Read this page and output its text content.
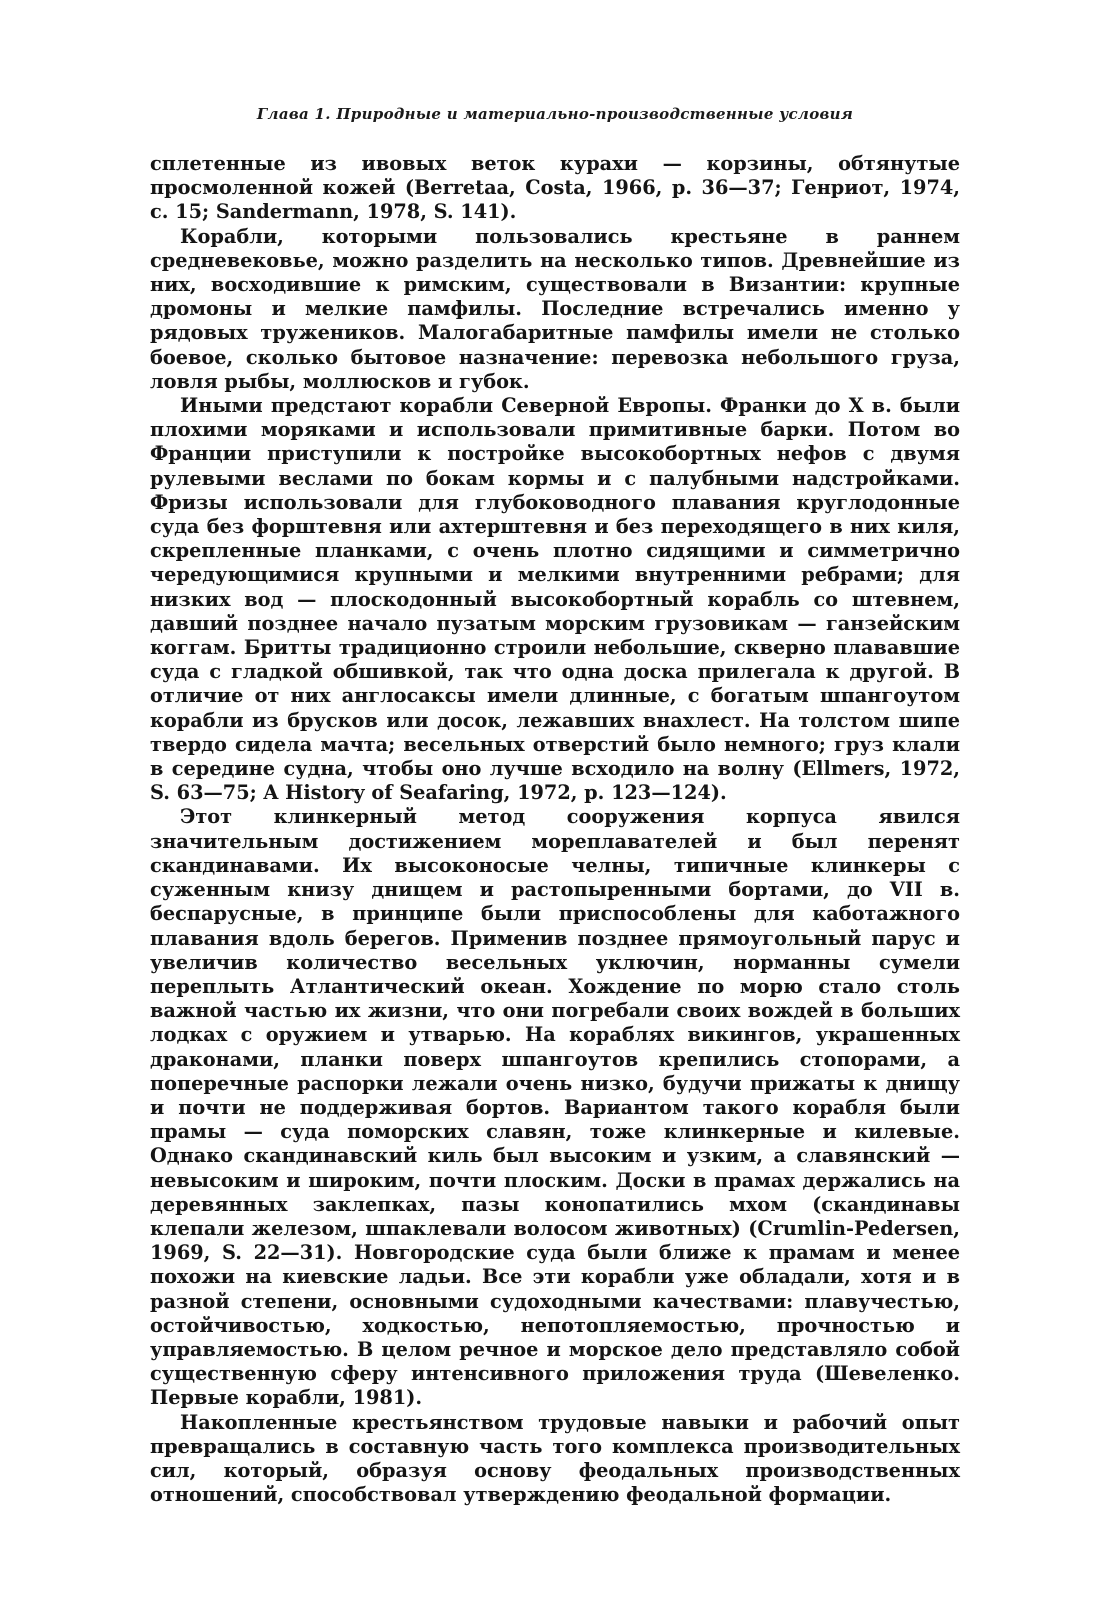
Глава 1. Природные и материально-производственные условия

сплетенные из ивовых веток курахи — корзины, обтянутые просмоленной кожей (Berretaa, Costa, 1966, p. 36—37; Генриот, 1974, с. 15; Sandermann, 1978, S. 141).

Корабли, которыми пользовались крестьяне в раннем средневековье, можно разделить на несколько типов. Древнейшие из них, восходившие к римским, существовали в Византии: крупные дромоны и мелкие памфилы. Последние встречались именно у рядовых тружеников. Малогабаритные памфилы имели не столько боевое, сколько бытовое назначение: перевозка небольшого груза, ловля рыбы, моллюсков и губок.

Иными предстают корабли Северной Европы. Франки до X в. были плохими моряками и использовали примитивные барки. Потом во Франции приступили к постройке высокобортных нефов с двумя рулевыми веслами по бокам кормы и с палубными надстройками. Фризы использовали для глубоководного плавания круглодонные суда без форштевня или ахтерштевня и без переходящего в них киля, скрепленные планками, с очень плотно сидящими и симметрично чередующимися крупными и мелкими внутренними ребрами; для низких вод — плоскодонный высокобортный корабль со штевнем, давший позднее начало пузатым морским грузовикам — ганзейским коггам. Бритты традиционно строили небольшие, скверно плававшие суда с гладкой обшивкой, так что одна доска прилегала к другой. В отличие от них англосаксы имели длинные, с богатым шпангоутом корабли из брусков или досок, лежавших внахлест. На толстом шипе твердо сидела мачта; весельных отверстий было немного; груз клали в середине судна, чтобы оно лучше всходило на волну (Ellmers, 1972, S. 63—75; A History of Seafaring, 1972, p. 123—124).

Этот клинкерный метод сооружения корпуса явился значительным достижением мореплавателей и был перенят скандинавами. Их высоконосые челны, типичные клинкеры с суженным книзу днищем и растопыренными бортами, до VII в. беспарусные, в принципе были приспособлены для каботажного плавания вдоль берегов. Применив позднее прямоугольный парус и увеличив количество весельных уключин, норманны сумели переплыть Атлантический океан. Хождение по морю стало столь важной частью их жизни, что они погребали своих вождей в больших лодках с оружием и утварью. На кораблях викингов, украшенных драконами, планки поверх шпангоутов крепились стопорами, а поперечные распорки лежали очень низко, будучи прижаты к днищу и почти не поддерживая бортов. Вариантом такого корабля были прамы — суда поморских славян, тоже клинкерные и килевые. Однако скандинавский киль был высоким и узким, а славянский — невысоким и широким, почти плоским. Доски в прамах держались на деревянных заклепках, пазы конопатились мхом (скандинавы клепали железом, шпаклевали волосом животных) (Crumlin-Pedersen, 1969, S. 22—31). Новгородские суда были ближе к прамам и менее похожи на киевские ладьи. Все эти корабли уже обладали, хотя и в разной степени, основными судоходными качествами: плавучестью, остойчивостью, ходкостью, непотопляемостью, прочностью и управляемостью. В целом речное и морское дело представляло собой существенную сферу интенсивного приложения труда (Шевеленко. Первые корабли, 1981).

Накопленные крестьянством трудовые навыки и рабочий опыт превращались в составную часть того комплекса производительных сил, который, образуя основу феодальных производственных отношений, способствовал утверждению феодальной формации.
